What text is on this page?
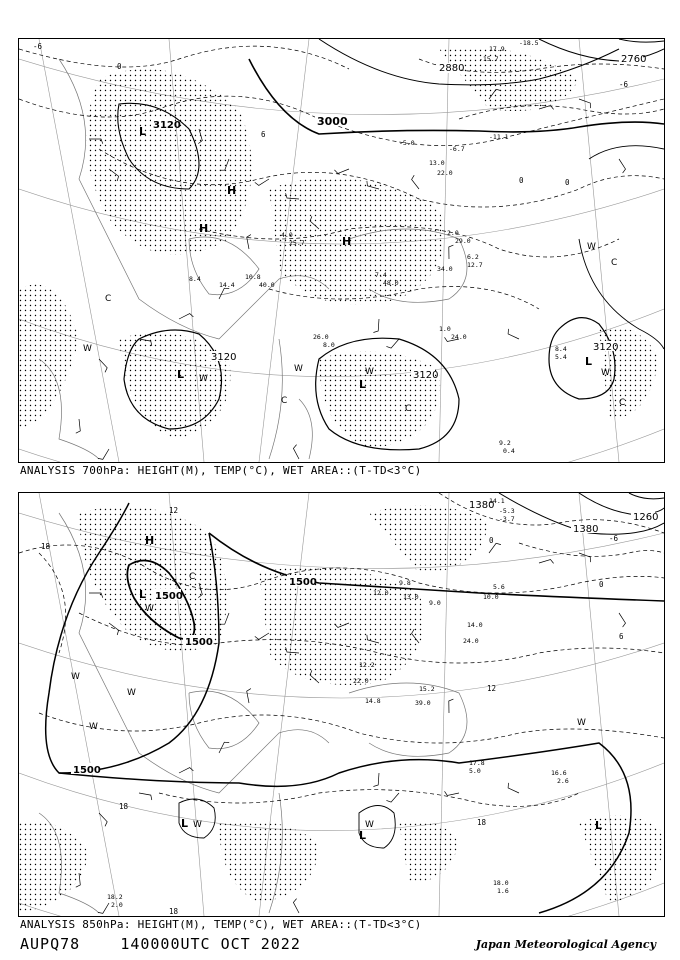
3120	3000
2880
2760
3120
3120
3120
L
H
H
H
L
L
L
W
W
W	W
W
W
C
C
C
C
C
-6
0
0	0
6
-6
17.9
-18.5
-15.7
-11.1
-6.7
-5.0
13.0
22.0
4.0
25.7
10.8
40.0
7.4
48.0
2.0
29.0
6.2
12.7
34.0
14.4
8.4
26.0
8.0
1.0
24.0
8.4
5.4
9.2
0.4
ANALYSIS 700hPa: HEIGHT(M), TEMP(°C), WET AREA::(T-TD<3°C)
1500
1500
1500
1500
1380
1380
1260
H
L
L
L
L
W
W
W	W
W
W
W
C
18
12
12
18
18
18
0
6
-6
0
14.1
-5.3
-3.7
9.8
12.0 13.0
9.0
5.6
10.0
14.0
24.0
12.2
22.0
15.2
39.0
14.8
17.8
5.0	16.6
2.6
18.0
1.6
18.2
2.0
ANALYSIS 850hPa: HEIGHT(M), TEMP(°C), WET AREA::(T-TD<3°C)
AUPQ78	140000UTC OCT 2022	Japan Meteorological Agency
